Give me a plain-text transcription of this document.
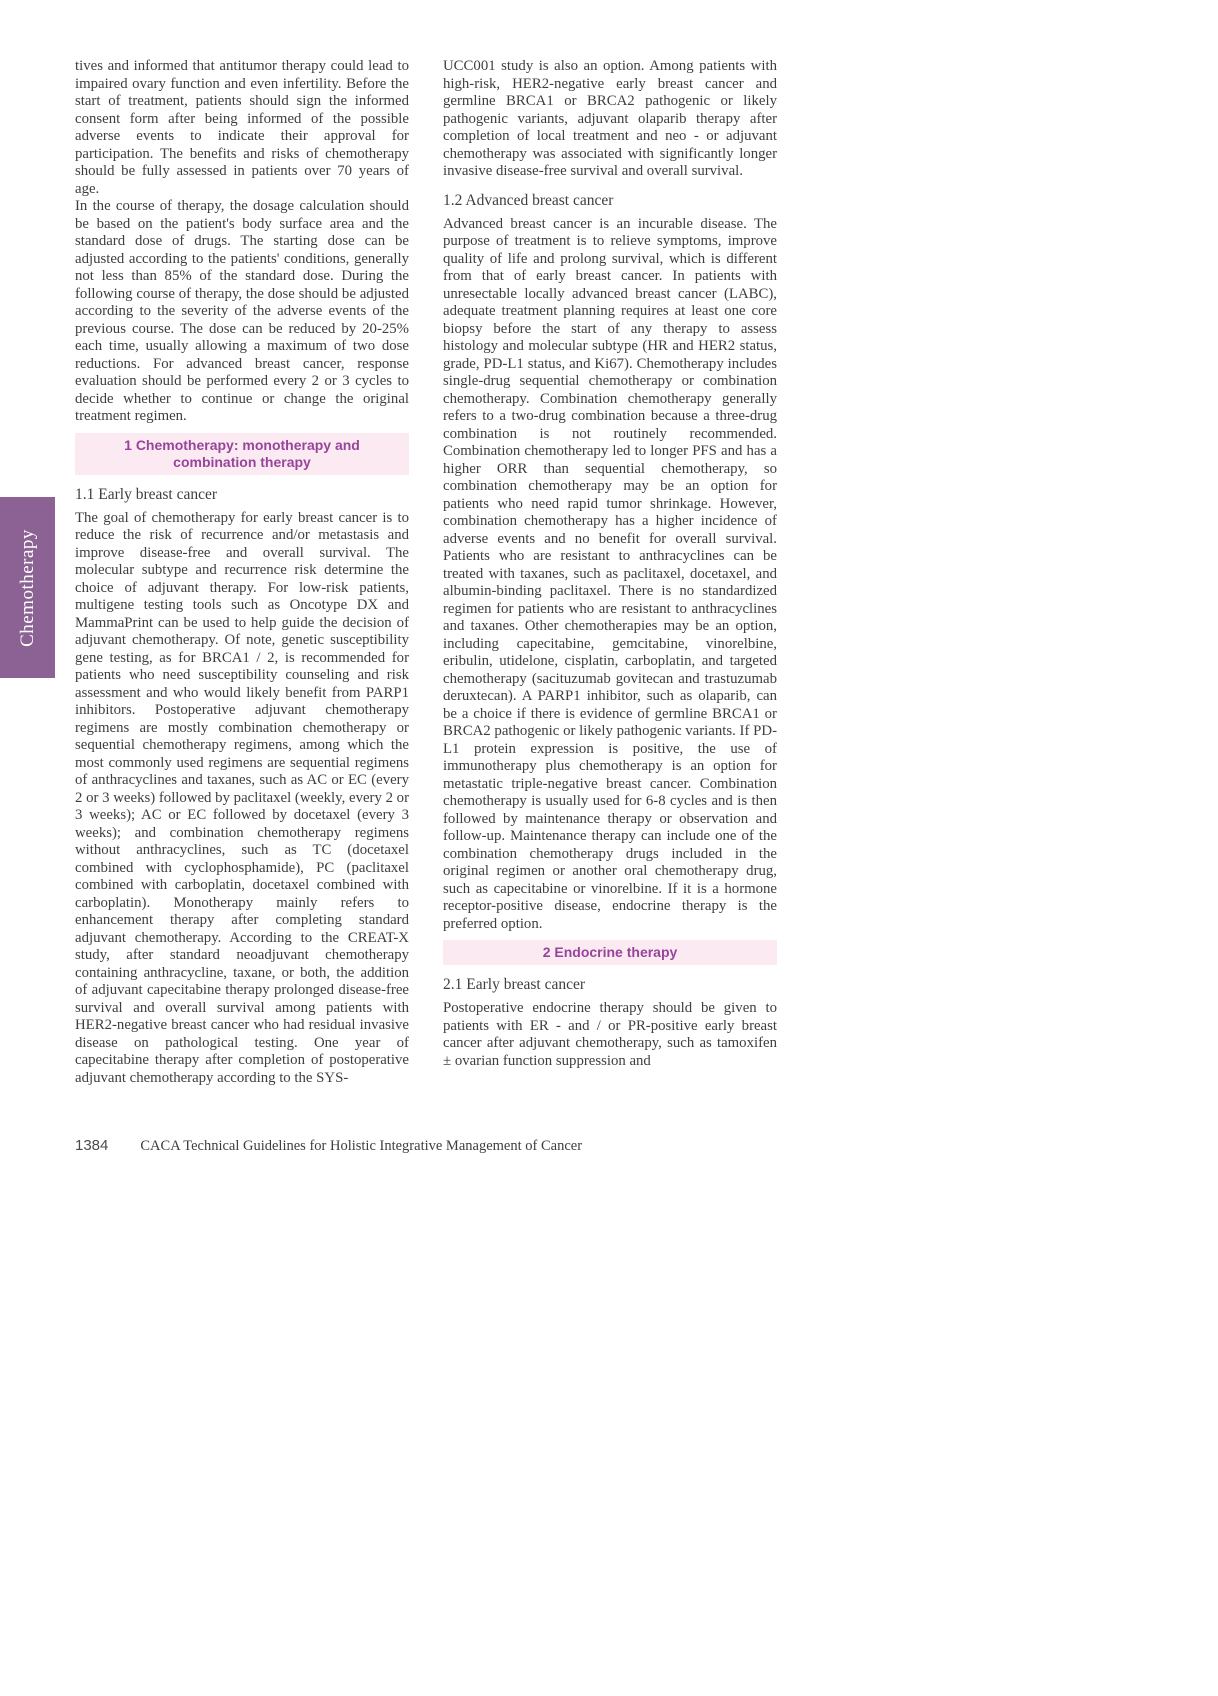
Chemotherapy

tives and informed that antitumor therapy could lead to impaired ovary function and even infertility. Before the start of treatment, patients should sign the informed consent form after being informed of the possible adverse events to indicate their approval for participation. The benefits and risks of chemotherapy should be fully assessed in patients over 70 years of age.

In the course of therapy, the dosage calculation should be based on the patient's body surface area and the standard dose of drugs. The starting dose can be adjusted according to the patients' conditions, generally not less than 85% of the standard dose. During the following course of therapy, the dose should be adjusted according to the severity of the adverse events of the previous course. The dose can be reduced by 20-25% each time, usually allowing a maximum of two dose reductions. For advanced breast cancer, response evaluation should be performed every 2 or 3 cycles to decide whether to continue or change the original treatment regimen.

1 Chemotherapy: monotherapy and combination therapy
1.1 Early breast cancer

The goal of chemotherapy for early breast cancer is to reduce the risk of recurrence and/or metastasis and improve disease-free and overall survival. The molecular subtype and recurrence risk determine the choice of adjuvant therapy. For low-risk patients, multigene testing tools such as Oncotype DX and MammaPrint can be used to help guide the decision of adjuvant chemotherapy. Of note, genetic susceptibility gene testing, as for BRCA1 / 2, is recommended for patients who need susceptibility counseling and risk assessment and who would likely benefit from PARP1 inhibitors. Postoperative adjuvant chemotherapy regimens are mostly combination chemotherapy or sequential chemotherapy regimens, among which the most commonly used regimens are sequential regimens of anthracyclines and taxanes, such as AC or EC (every 2 or 3 weeks) followed by paclitaxel (weekly, every 2 or 3 weeks); AC or EC followed by docetaxel (every 3 weeks); and combination chemotherapy regimens without anthracyclines, such as TC (docetaxel combined with cyclophosphamide), PC (paclitaxel combined with carboplatin, docetaxel combined with carboplatin). Monotherapy mainly refers to enhancement therapy after completing standard adjuvant chemotherapy. According to the CREAT-X study, after standard neoadjuvant chemotherapy containing anthracycline, taxane, or both, the addition of adjuvant capecitabine therapy prolonged disease-free survival and overall survival among patients with HER2-negative breast cancer who had residual invasive disease on pathological testing. One year of capecitabine therapy after completion of postoperative adjuvant chemotherapy according to the SYS-

UCC001 study is also an option. Among patients with high-risk, HER2-negative early breast cancer and germline BRCA1 or BRCA2 pathogenic or likely pathogenic variants, adjuvant olaparib therapy after completion of local treatment and neo - or adjuvant chemotherapy was associated with significantly longer invasive disease-free survival and overall survival.

1.2 Advanced breast cancer

Advanced breast cancer is an incurable disease. The purpose of treatment is to relieve symptoms, improve quality of life and prolong survival, which is different from that of early breast cancer. In patients with unresectable locally advanced breast cancer (LABC), adequate treatment planning requires at least one core biopsy before the start of any therapy to assess histology and molecular subtype (HR and HER2 status, grade, PD-L1 status, and Ki67). Chemotherapy includes single-drug sequential chemotherapy or combination chemotherapy. Combination chemotherapy generally refers to a two-drug combination because a three-drug combination is not routinely recommended. Combination chemotherapy led to longer PFS and has a higher ORR than sequential chemotherapy, so combination chemotherapy may be an option for patients who need rapid tumor shrinkage. However, combination chemotherapy has a higher incidence of adverse events and no benefit for overall survival. Patients who are resistant to anthracyclines can be treated with taxanes, such as paclitaxel, docetaxel, and albumin-binding paclitaxel. There is no standardized regimen for patients who are resistant to anthracyclines and taxanes. Other chemotherapies may be an option, including capecitabine, gemcitabine, vinorelbine, eribulin, utidelone, cisplatin, carboplatin, and targeted chemotherapy (sacituzumab govitecan and trastuzumab deruxtecan). A PARP1 inhibitor, such as olaparib, can be a choice if there is evidence of germline BRCA1 or BRCA2 pathogenic or likely pathogenic variants. If PD-L1 protein expression is positive, the use of immunotherapy plus chemotherapy is an option for metastatic triple-negative breast cancer. Combination chemotherapy is usually used for 6-8 cycles and is then followed by maintenance therapy or observation and follow-up. Maintenance therapy can include one of the combination chemotherapy drugs included in the original regimen or another oral chemotherapy drug, such as capecitabine or vinorelbine. If it is a hormone receptor-positive disease, endocrine therapy is the preferred option.

2 Endocrine therapy
2.1 Early breast cancer

Postoperative endocrine therapy should be given to patients with ER - and / or PR-positive early breast cancer after adjuvant chemotherapy, such as tamoxifen ± ovarian function suppression and

1384 CACA Technical Guidelines for Holistic Integrative Management of Cancer
